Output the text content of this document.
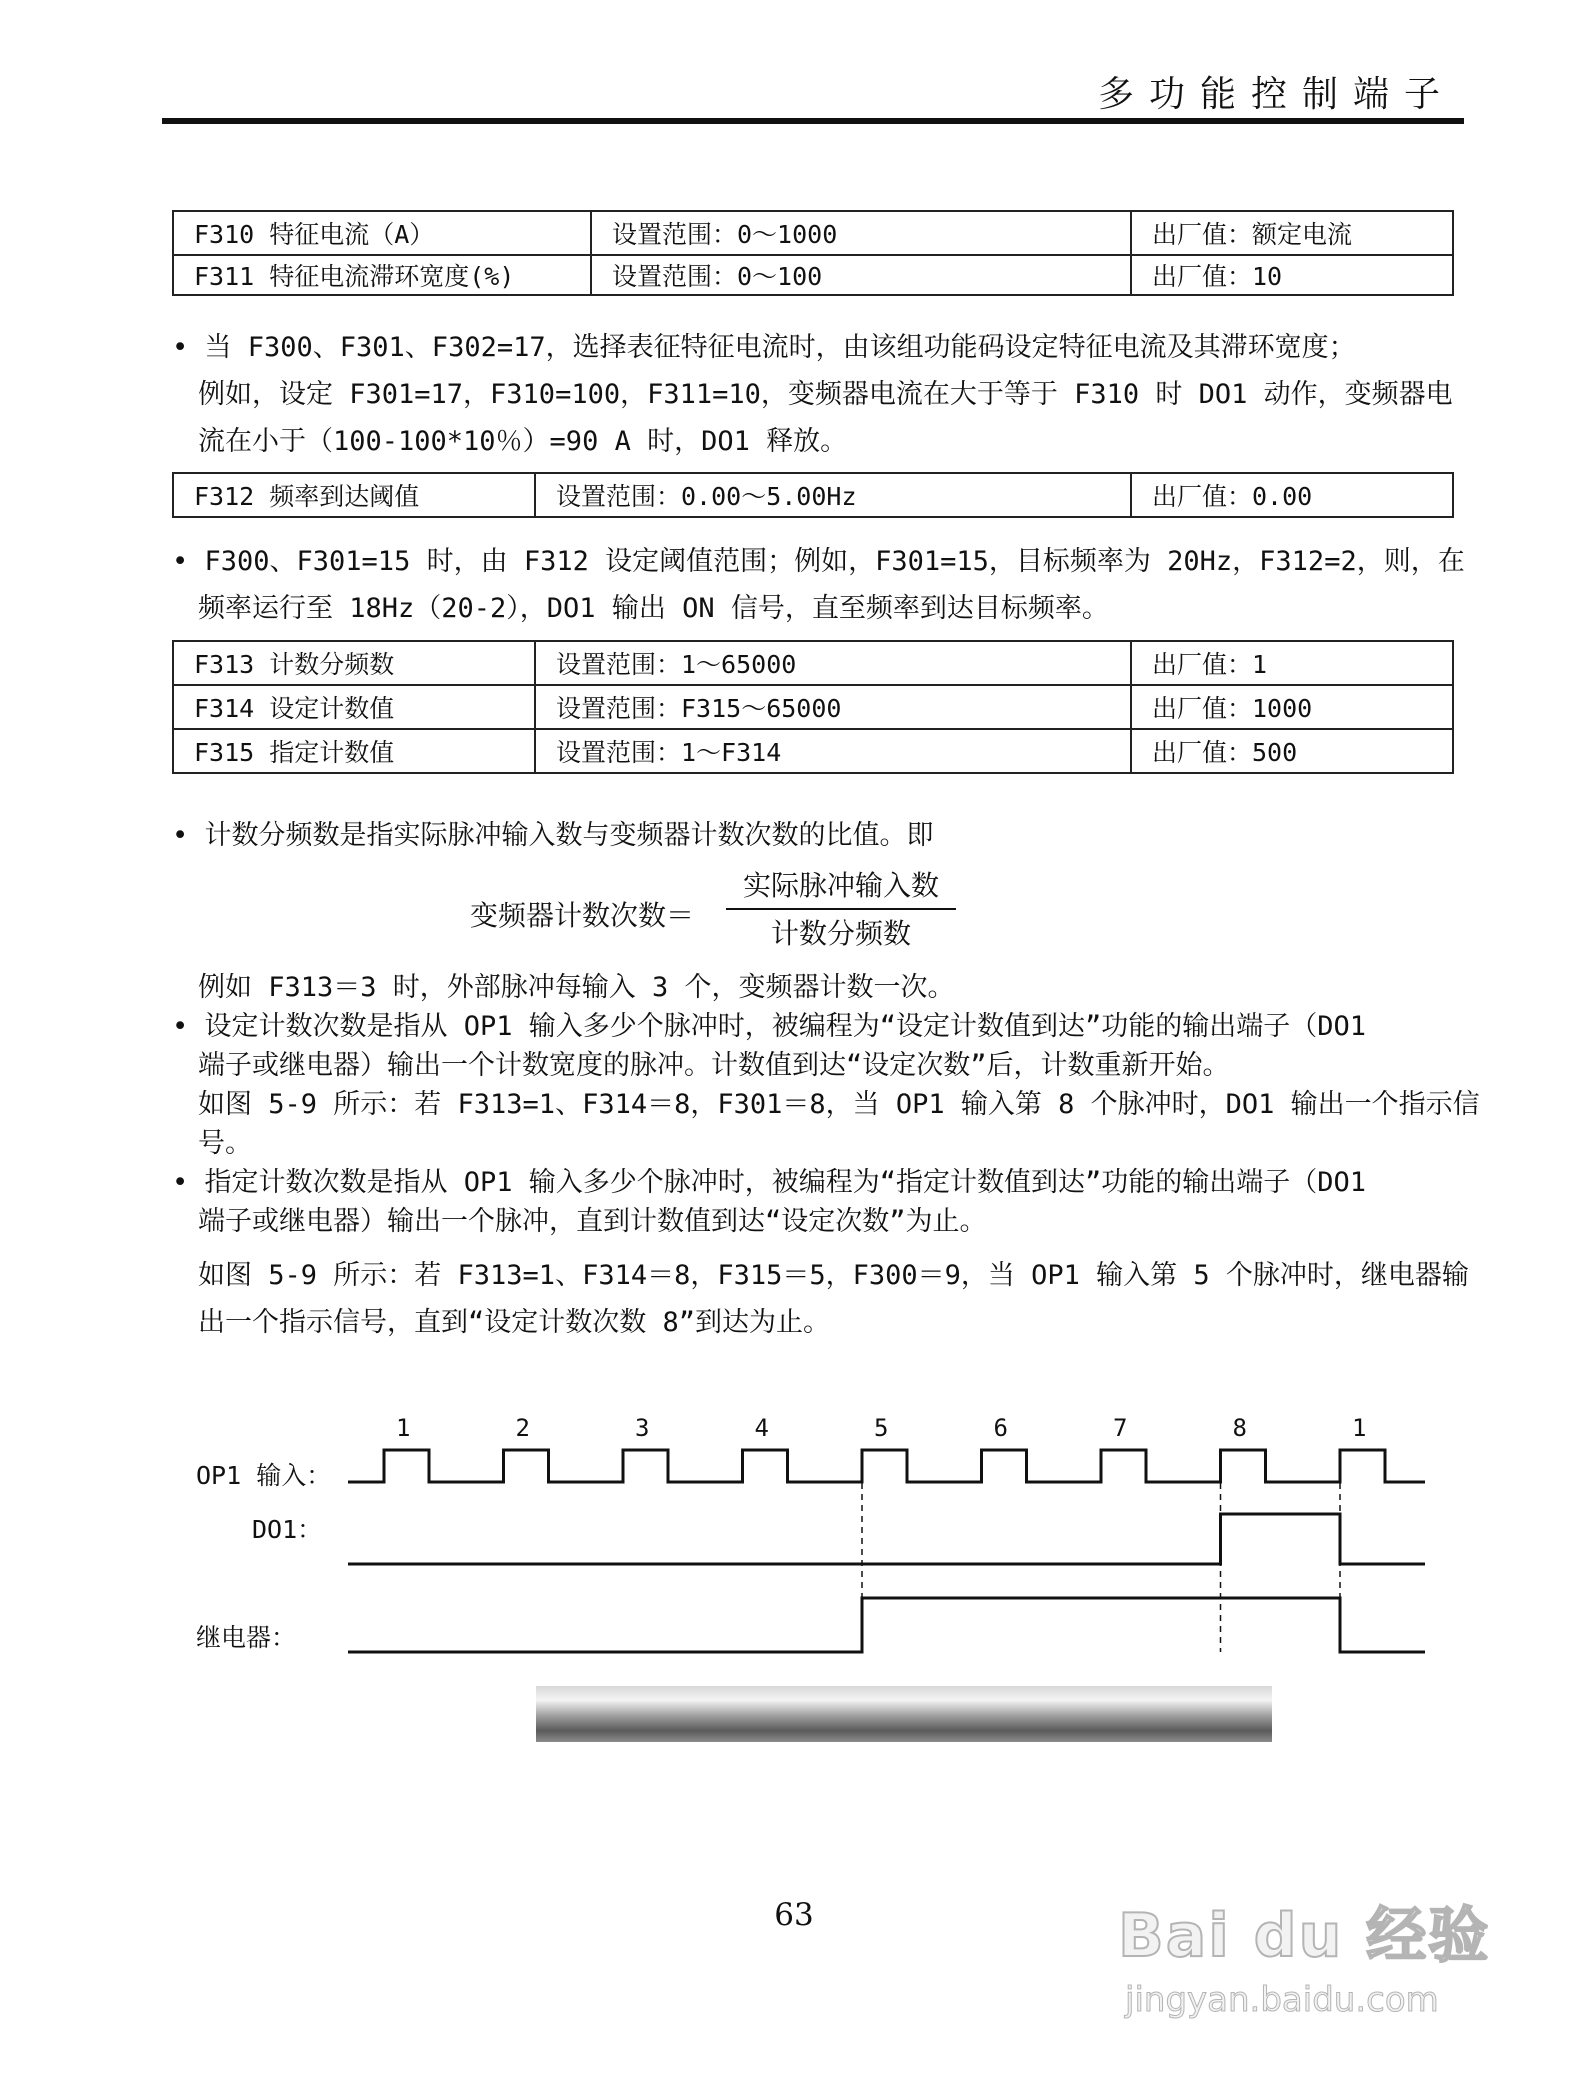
多功能控制端子
F310 特征电流（A）	设置范围：0～1000	出厂值：额定电流
F311 特征电流滞环宽度(%)	设置范围：0～100	出厂值：10

• 当 F300、F301、F302=17，选择表征特征电流时，由该组功能码设定特征电流及其滞环宽度；

例如，设定 F301=17，F310=100，F311=10，变频器电流在大于等于 F310 时 DO1 动作，变频器电

流在小于（100-100*10％）=90 A 时，DO1 释放。

F312 频率到达阈值	设置范围：0.00～5.00Hz	出厂值：0.00

• F300、F301=15 时，由 F312 设定阈值范围；例如，F301=15，目标频率为 20Hz，F312=2，则，在

频率运行至 18Hz（20-2），DO1 输出 ON 信号，直至频率到达目标频率。

F313 计数分频数	设置范围：1～65000	出厂值：1
F314 设定计数值	设置范围：F315～65000	出厂值：1000
F315 指定计数值	设置范围：1～F314	出厂值：500

• 计数分频数是指实际脉冲输入数与变频器计数次数的比值。即

变频器计数次数＝
实际脉冲输入数
计数分频数

例如 F313＝3 时，外部脉冲每输入 3 个，变频器计数一次。

• 设定计数次数是指从 OP1 输入多少个脉冲时，被编程为“设定计数值到达”功能的输出端子（DO1

端子或继电器）输出一个计数宽度的脉冲。计数值到达“设定次数”后，计数重新开始。

如图 5-9 所示：若 F313=1、F314＝8，F301＝8，当 OP1 输入第 8 个脉冲时，DO1 输出一个指示信

号。

• 指定计数次数是指从 OP1 输入多少个脉冲时，被编程为“指定计数值到达”功能的输出端子（DO1

端子或继电器）输出一个脉冲，直到计数值到达“设定次数”为止。

如图 5-9 所示：若 F313=1、F314＝8，F315＝5，F300＝9，当 OP1 输入第 5 个脉冲时，继电器输

出一个指示信号，直到“设定计数次数 8”到达为止。

1	2	3	4	5	6	7	8	1
OP1 输入：
DO1：
继电器：
63	Bai du 经验
jingyan.baidu.com
